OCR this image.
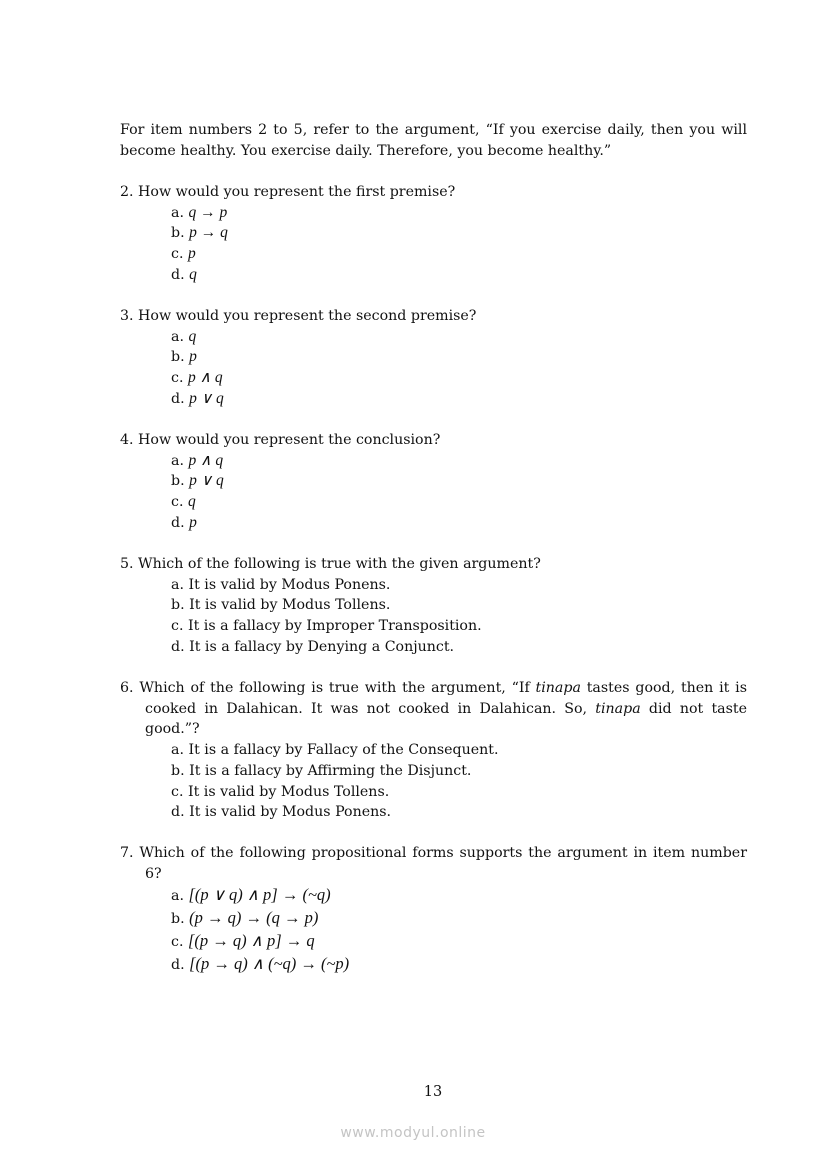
For item numbers 2 to 5, refer to the argument, “If you exercise daily, then you will become healthy. You exercise daily. Therefore, you become healthy.”
2. How would you represent the first premise?
a. q → p
b. p → q
c. p
d. q
3. How would you represent the second premise?
a. q
b. p
c. p ∧ q
d. p ∨ q
4. How would you represent the conclusion?
a. p ∧ q
b. p ∨ q
c. q
d. p
5. Which of the following is true with the given argument?
a. It is valid by Modus Ponens.
b. It is valid by Modus Tollens.
c. It is a fallacy by Improper Transposition.
d. It is a fallacy by Denying a Conjunct.
6. Which of the following is true with the argument, “If tinapa tastes good, then it is cooked in Dalahican. It was not cooked in Dalahican. So, tinapa did not taste good.”?
a. It is a fallacy by Fallacy of the Consequent.
b. It is a fallacy by Affirming the Disjunct.
c. It is valid by Modus Tollens.
d. It is valid by Modus Ponens.
7. Which of the following propositional forms supports the argument in item number 6?
a. [(p ∨ q) ∧ p] → (~q)
b. (p → q) → (q → p)
c. [(p → q) ∧ p] → q
d. [(p → q) ∧ (~q) → (~p)
13
www.modyul.online
